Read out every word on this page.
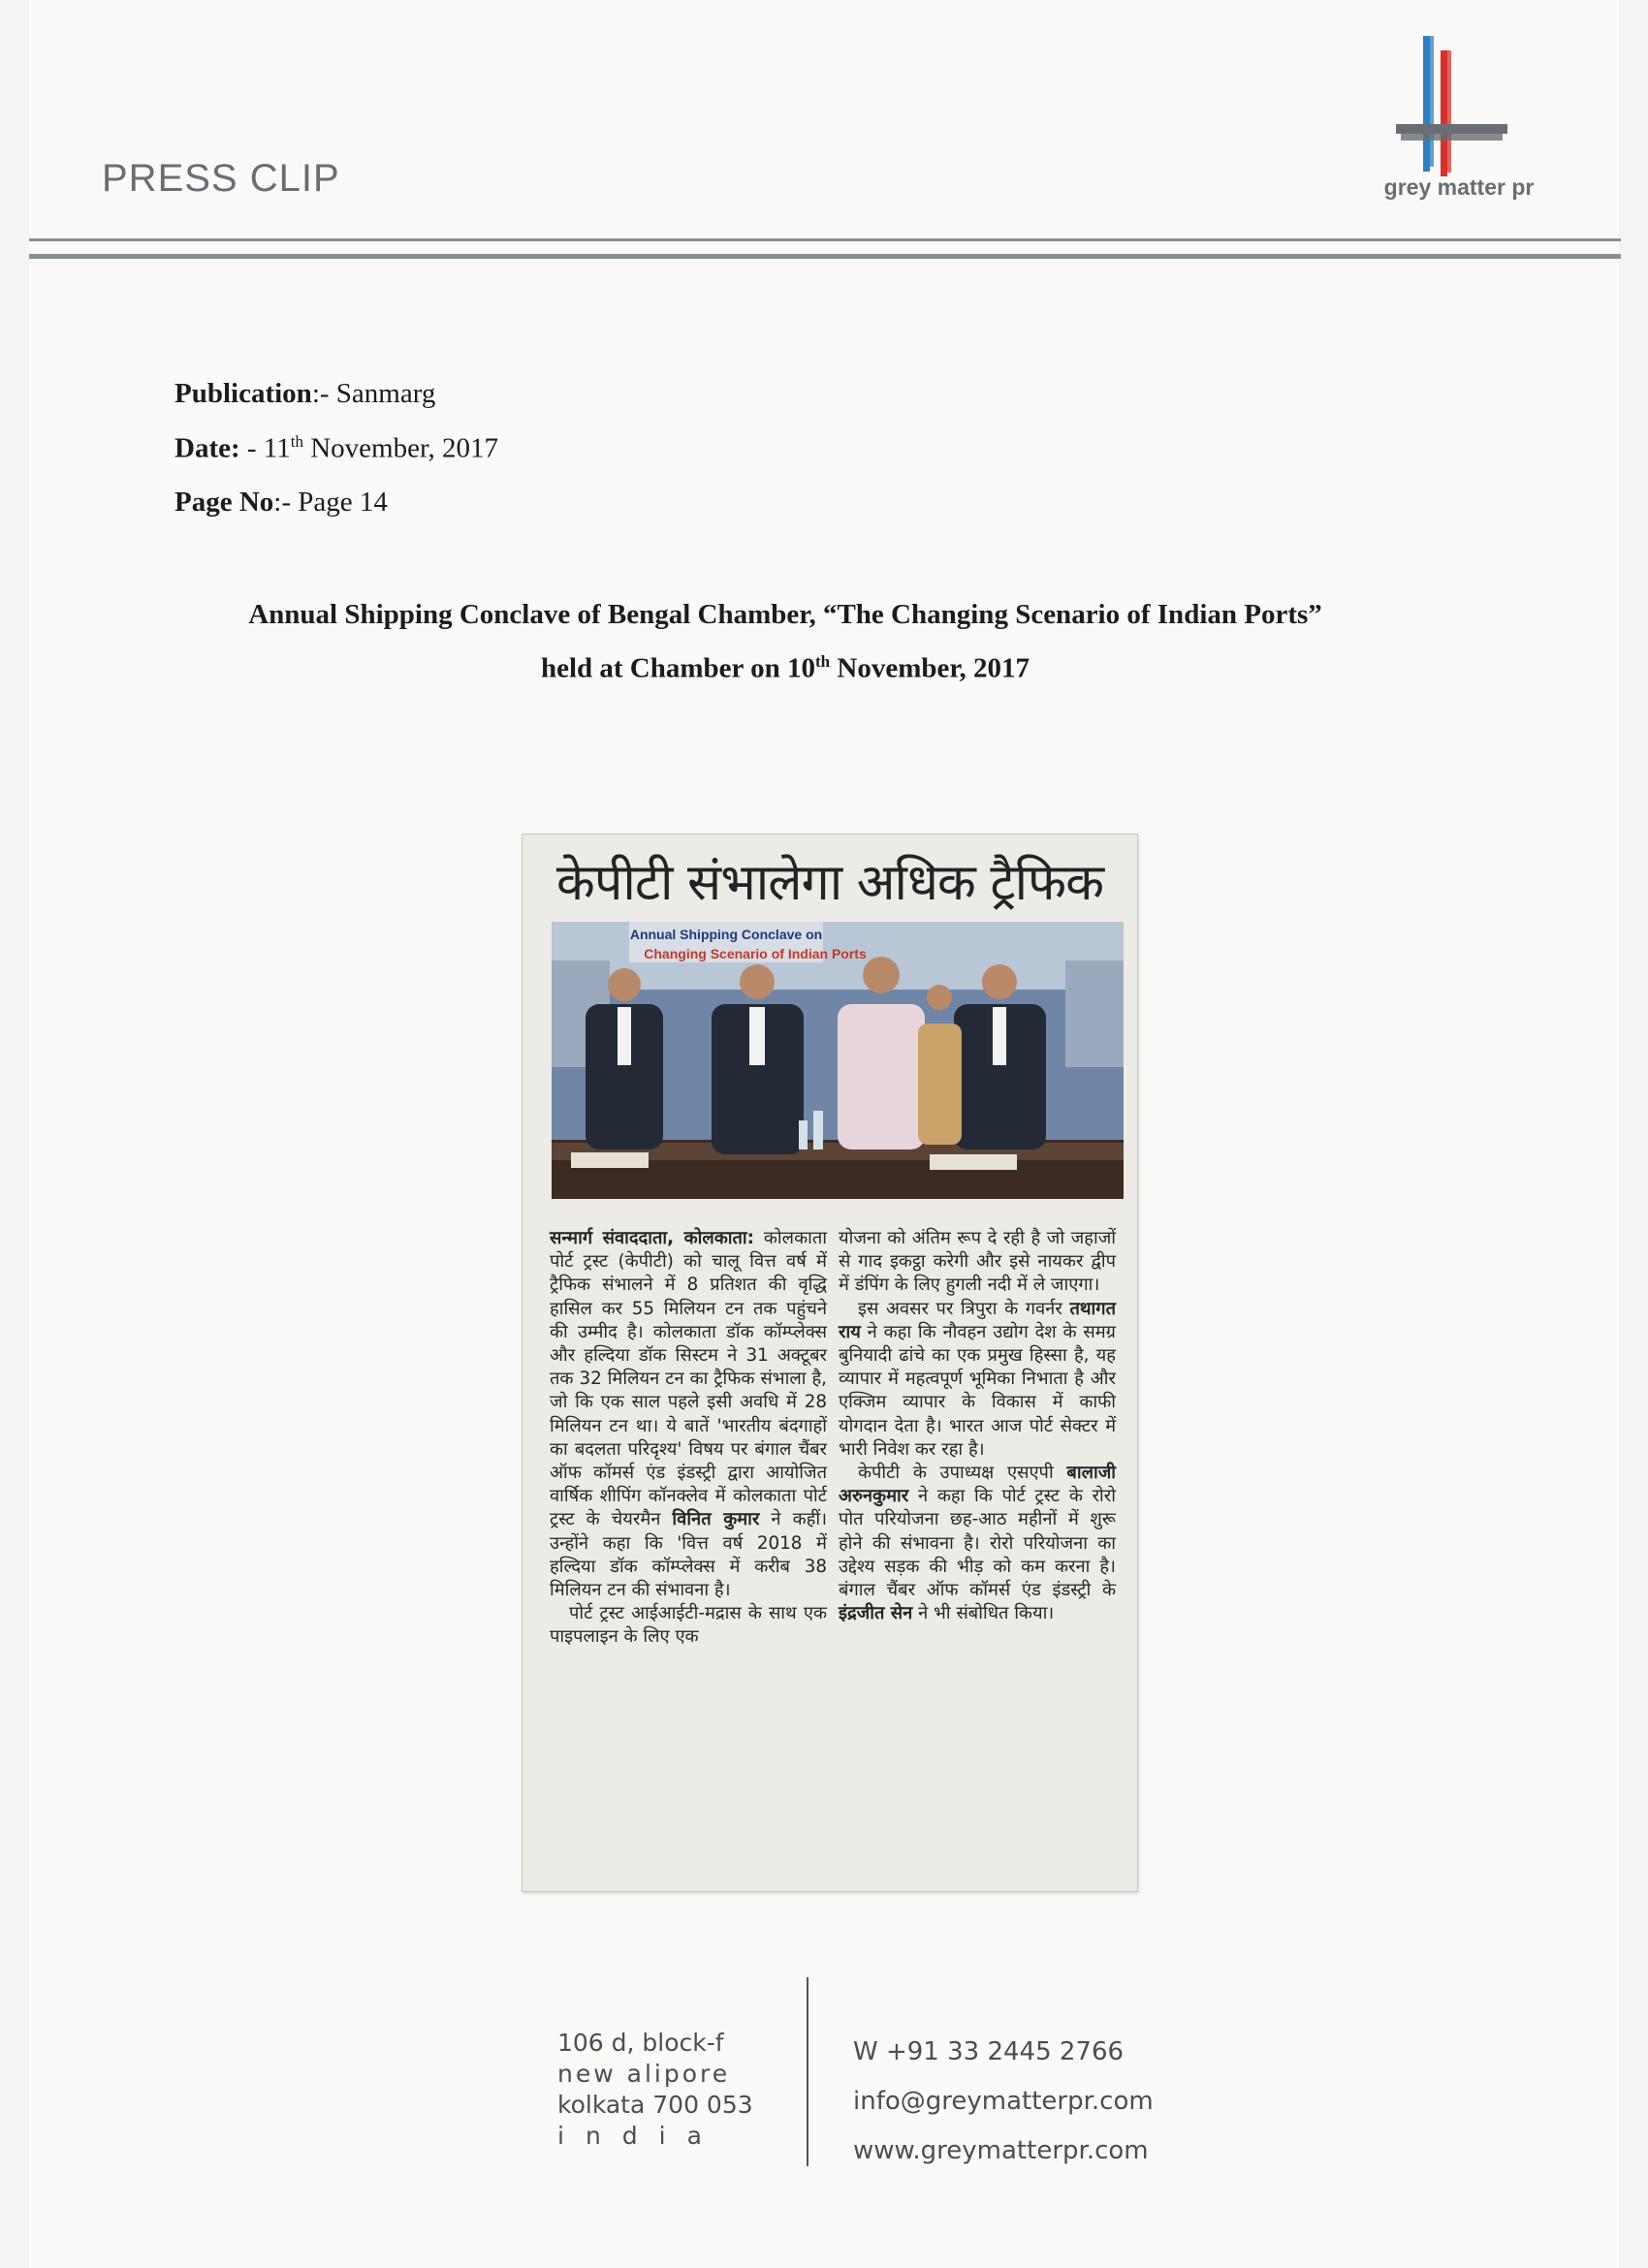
PRESS CLIP	grey matter pr
Publication:- Sanmarg
Date: - 11th November, 2017
Page No:- Page 14
Annual Shipping Conclave of Bengal Chamber, “The Changing Scenario of Indian Ports”
held at Chamber on 10th November, 2017
केपीटी संभालेगा अधिक ट्रैफिक
Annual Shipping Conclave on
Changing Scenario of Indian Ports

सन्मार्ग संवाददाता, कोलकाता: कोलकाता पोर्ट ट्रस्ट (केपीटी) को चालू वित्त वर्ष में ट्रैफिक संभालने में 8 प्रतिशत की वृद्धि हासिल कर 55 मिलियन टन तक पहुंचने की उम्मीद है। कोलकाता डॉक कॉम्प्लेक्स और हल्दिया डॉक सिस्टम ने 31 अक्टूबर तक 32 मिलियन टन का ट्रैफिक संभाला है, जो कि एक साल पहले इसी अवधि में 28 मिलियन टन था। ये बातें 'भारतीय बंदगाहों का बदलता परिदृश्य' विषय पर बंगाल चैंबर ऑफ कॉमर्स एंड इंडस्ट्री द्वारा आयोजित वार्षिक शीपिंग कॉनक्लेव में कोलकाता पोर्ट ट्रस्ट के चेयरमैन विनित कुमार ने कहीं। उन्होंने कहा कि 'वित्त वर्ष 2018 में हल्दिया डॉक कॉम्प्लेक्स में करीब 38 मिलियन टन की संभावना है।

पोर्ट ट्रस्ट आईआईटी-मद्रास के साथ एक पाइपलाइन के लिए एक

योजना को अंतिम रूप दे रही है जो जहाजों से गाद इकट्ठा करेगी और इसे नायकर द्वीप में डंपिंग के लिए हुगली नदी में ले जाएगा।

इस अवसर पर त्रिपुरा के गवर्नर तथागत राय ने कहा कि नौवहन उद्योग देश के समग्र बुनियादी ढांचे का एक प्रमुख हिस्सा है, यह व्यापार में महत्वपूर्ण भूमिका निभाता है और एक्जिम व्यापार के विकास में काफी योगदान देता है। भारत आज पोर्ट सेक्टर में भारी निवेश कर रहा है।

केपीटी के उपाध्यक्ष एसएपी बालाजी अरुनकुमार ने कहा कि पोर्ट ट्रस्ट के रोरो पोत परियोजना छह-आठ महीनों में शुरू होने की संभावना है। रोरो परियोजना का उद्देश्य सड़क की भीड़ को कम करना है। बंगाल चैंबर ऑफ कॉमर्स एंड इंडस्ट्री के इंद्रजीत सेन ने भी संबोधित किया।

106 d, block-f
new alipore
kolkata 700 053
india
W +91 33 2445 2766
info@greymatterpr.com
www.greymatterpr.com
